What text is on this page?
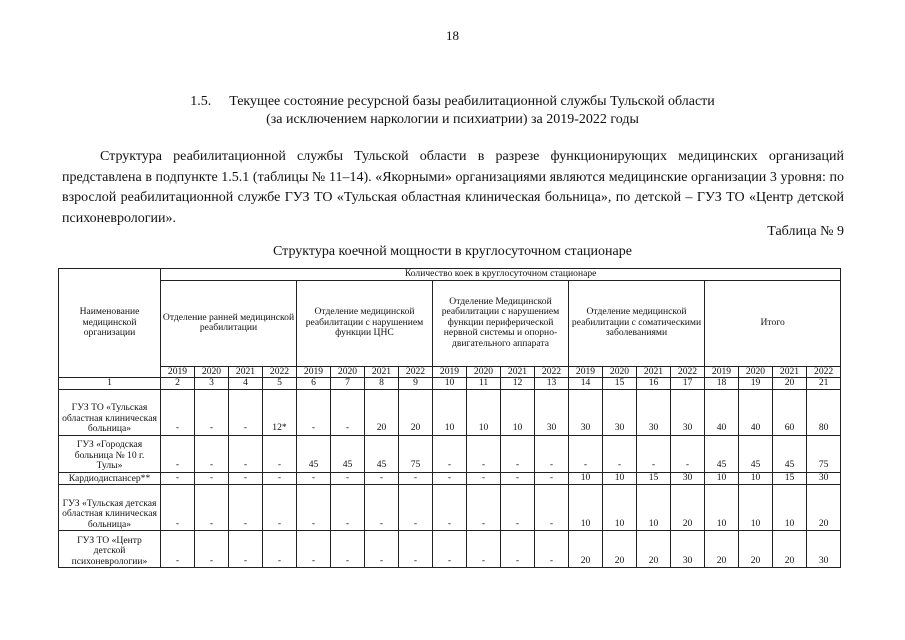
18
1.5. Текущее состояние ресурсной базы реабилитационной службы Тульской области
(за исключением наркологии и психиатрии) за 2019-2022 годы

Структура реабилитационной службы Тульской области в разрезе функционирующих медицинских организаций представлена в подпункте 1.5.1 (таблицы № 11–14). «Якорными» организациями являются медицинские организации 3 уровня: по взрослой реабилитационной службе ГУЗ ТО «Тульская областная клиническая больница», по детской – ГУЗ ТО «Центр детской психоневрологии».

Таблица № 9
Структура коечной мощности в круглосуточном стационаре
Наименование медицинской организации	Количество коек в круглосуточном стационаре																			
	Отделение ранней медицинской реабилитации				Отделение медицинской реабилитации с нарушением функции ЦНС				Отделение Медицинской реабилитации с нарушением функции периферической нервной системы и опорно-двигательного аппарата				Отделение медицинской реабилитации с соматическими заболеваниями				Итого			
	2019	2020	2021	2022	2019	2020	2021	2022	2019	2020	2021	2022	2019	2020	2021	2022	2019	2020	2021	2022
1	2	3	4	5	6	7	8	9	10	11	12	13	14	15	16	17	18	19	20	21
ГУЗ ТО «Тульская областная клиническая больница»	-	-	-	12*	-	-	20	20	10	10	10	30	30	30	30	30	40	40	60	80
ГУЗ «Городская больница № 10 г. Тулы»	-	-	-	-	45	45	45	75	-	-	-	-	-	-	-	-	45	45	45	75
Кардиодиспансер**	-	-	-	-	-	-	-	-	-	-	-	-	10	10	15	30	10	10	15	30
ГУЗ «Тульская детская областная клиническая больница»	-	-	-	-	-	-	-	-	-	-	-	-	10	10	10	20	10	10	10	20
ГУЗ ТО «Центр детской психоневрологии»	-	-	-	-	-	-	-	-	-	-	-	-	20	20	20	30	20	20	20	30
